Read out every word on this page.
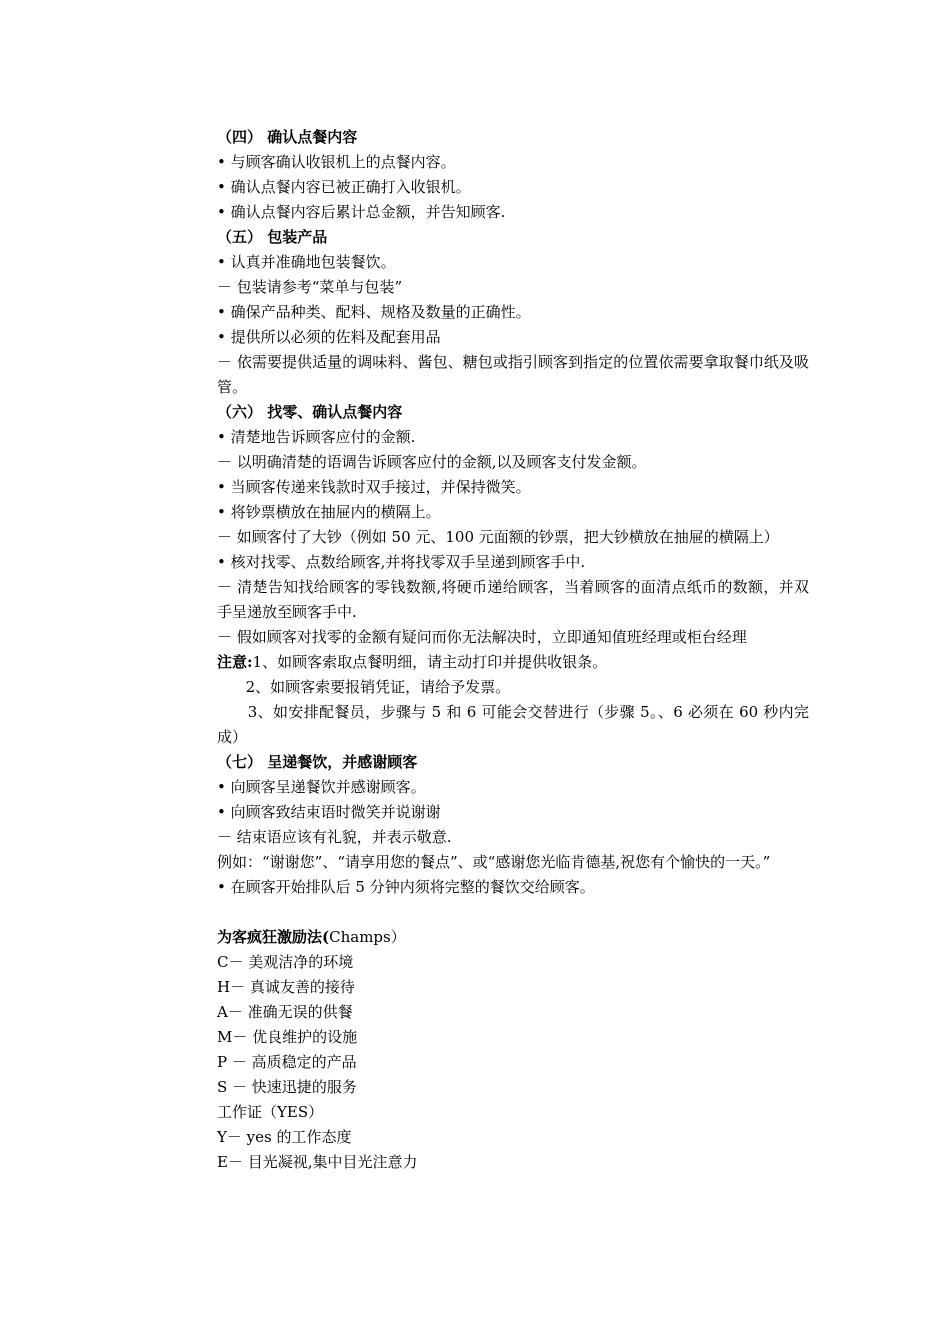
（四） 确认点餐内容
• 与顾客确认收银机上的点餐内容。
• 确认点餐内容已被正确打入收银机。
• 确认点餐内容后累计总金额，并告知顾客.
（五） 包装产品
• 认真并准确地包装餐饮。
－ 包装请参考“菜单与包装”
• 确保产品种类、配料、规格及数量的正确性。
• 提供所以必须的佐料及配套用品
－ 依需要提供适量的调味料、酱包、糖包或指引顾客到指定的位置依需要拿取餐巾纸及吸管。
（六） 找零、确认点餐内容
• 清楚地告诉顾客应付的金额.
－ 以明确清楚的语调告诉顾客应付的金额,以及顾客支付发金额。
• 当顾客传递来钱款时双手接过，并保持微笑。
• 将钞票横放在抽屉内的横隔上。
－ 如顾客付了大钞（例如 50 元、100 元面额的钞票，把大钞横放在抽屉的横隔上）
• 核对找零、点数给顾客,并将找零双手呈递到顾客手中.
－ 清楚告知找给顾客的零钱数额,将硬币递给顾客，当着顾客的面清点纸币的数额，并双手呈递放至顾客手中.
－ 假如顾客对找零的金额有疑问而你无法解决时，立即通知值班经理或柜台经理
注意:1、如顾客索取点餐明细，请主动打印并提供收银条。
2、如顾客索要报销凭证，请给予发票。
3、如安排配餐员，步骤与 5 和 6 可能会交替进行（步骤 5。、6 必须在 60 秒内完成）
（七） 呈递餐饮，并感谢顾客
• 向顾客呈递餐饮并感谢顾客。
• 向顾客致结束语时微笑并说谢谢
－ 结束语应该有礼貌，并表示敬意.
例如：“谢谢您”、“请享用您的餐点”、或“感谢您光临肯德基,祝您有个愉快的一天。”
• 在顾客开始排队后 5 分钟内须将完整的餐饮交给顾客。
为客疯狂激励法(Champs）
C－ 美观洁净的环境
H－ 真诚友善的接待
A－ 准确无误的供餐
M－ 优良维护的设施
P － 高质稳定的产品
S － 快速迅捷的服务
工作证（YES）
Y－ yes 的工作态度
E－ 目光凝视,集中目光注意力
